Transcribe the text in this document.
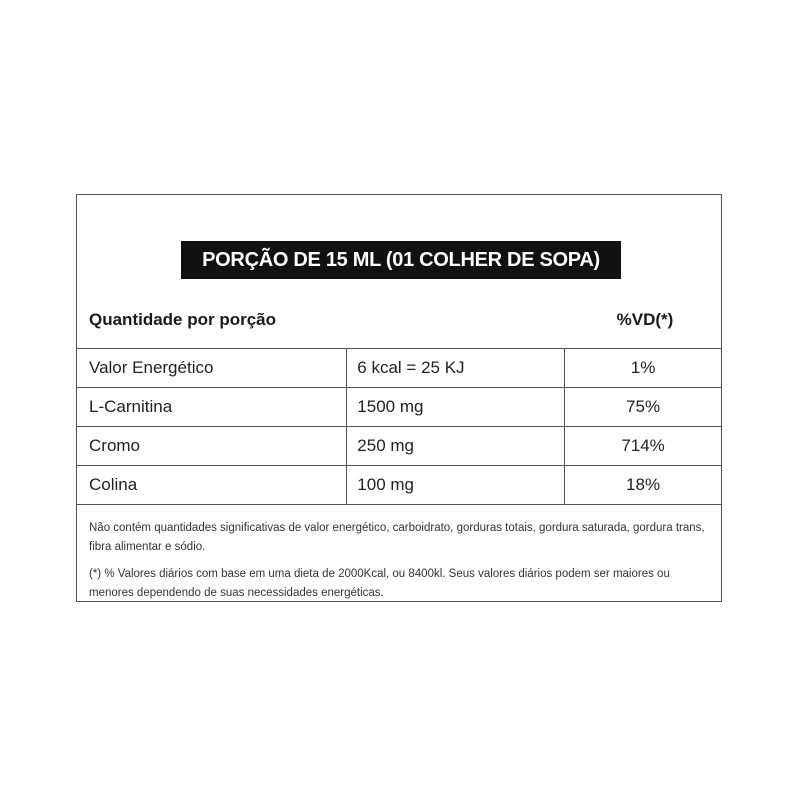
PORÇÃO DE 15 ML (01 COLHER DE SOPA)
Quantidade por porção	%VD(*)
Valor Energético	6 kcal = 25 KJ	1%
L-Carnitina	1500 mg	75%
Cromo	250 mg	714%
Colina	100 mg	18%

Não contém quantidades significativas de valor energético, carboidrato, gorduras totais, gordura saturada, gordura trans, fibra alimentar e sódio.

(*) % Valores diários com base em uma dieta de 2000Kcal, ou 8400kl. Seus valores diários podem ser maiores ou menores dependendo de suas necessidades energéticas.
